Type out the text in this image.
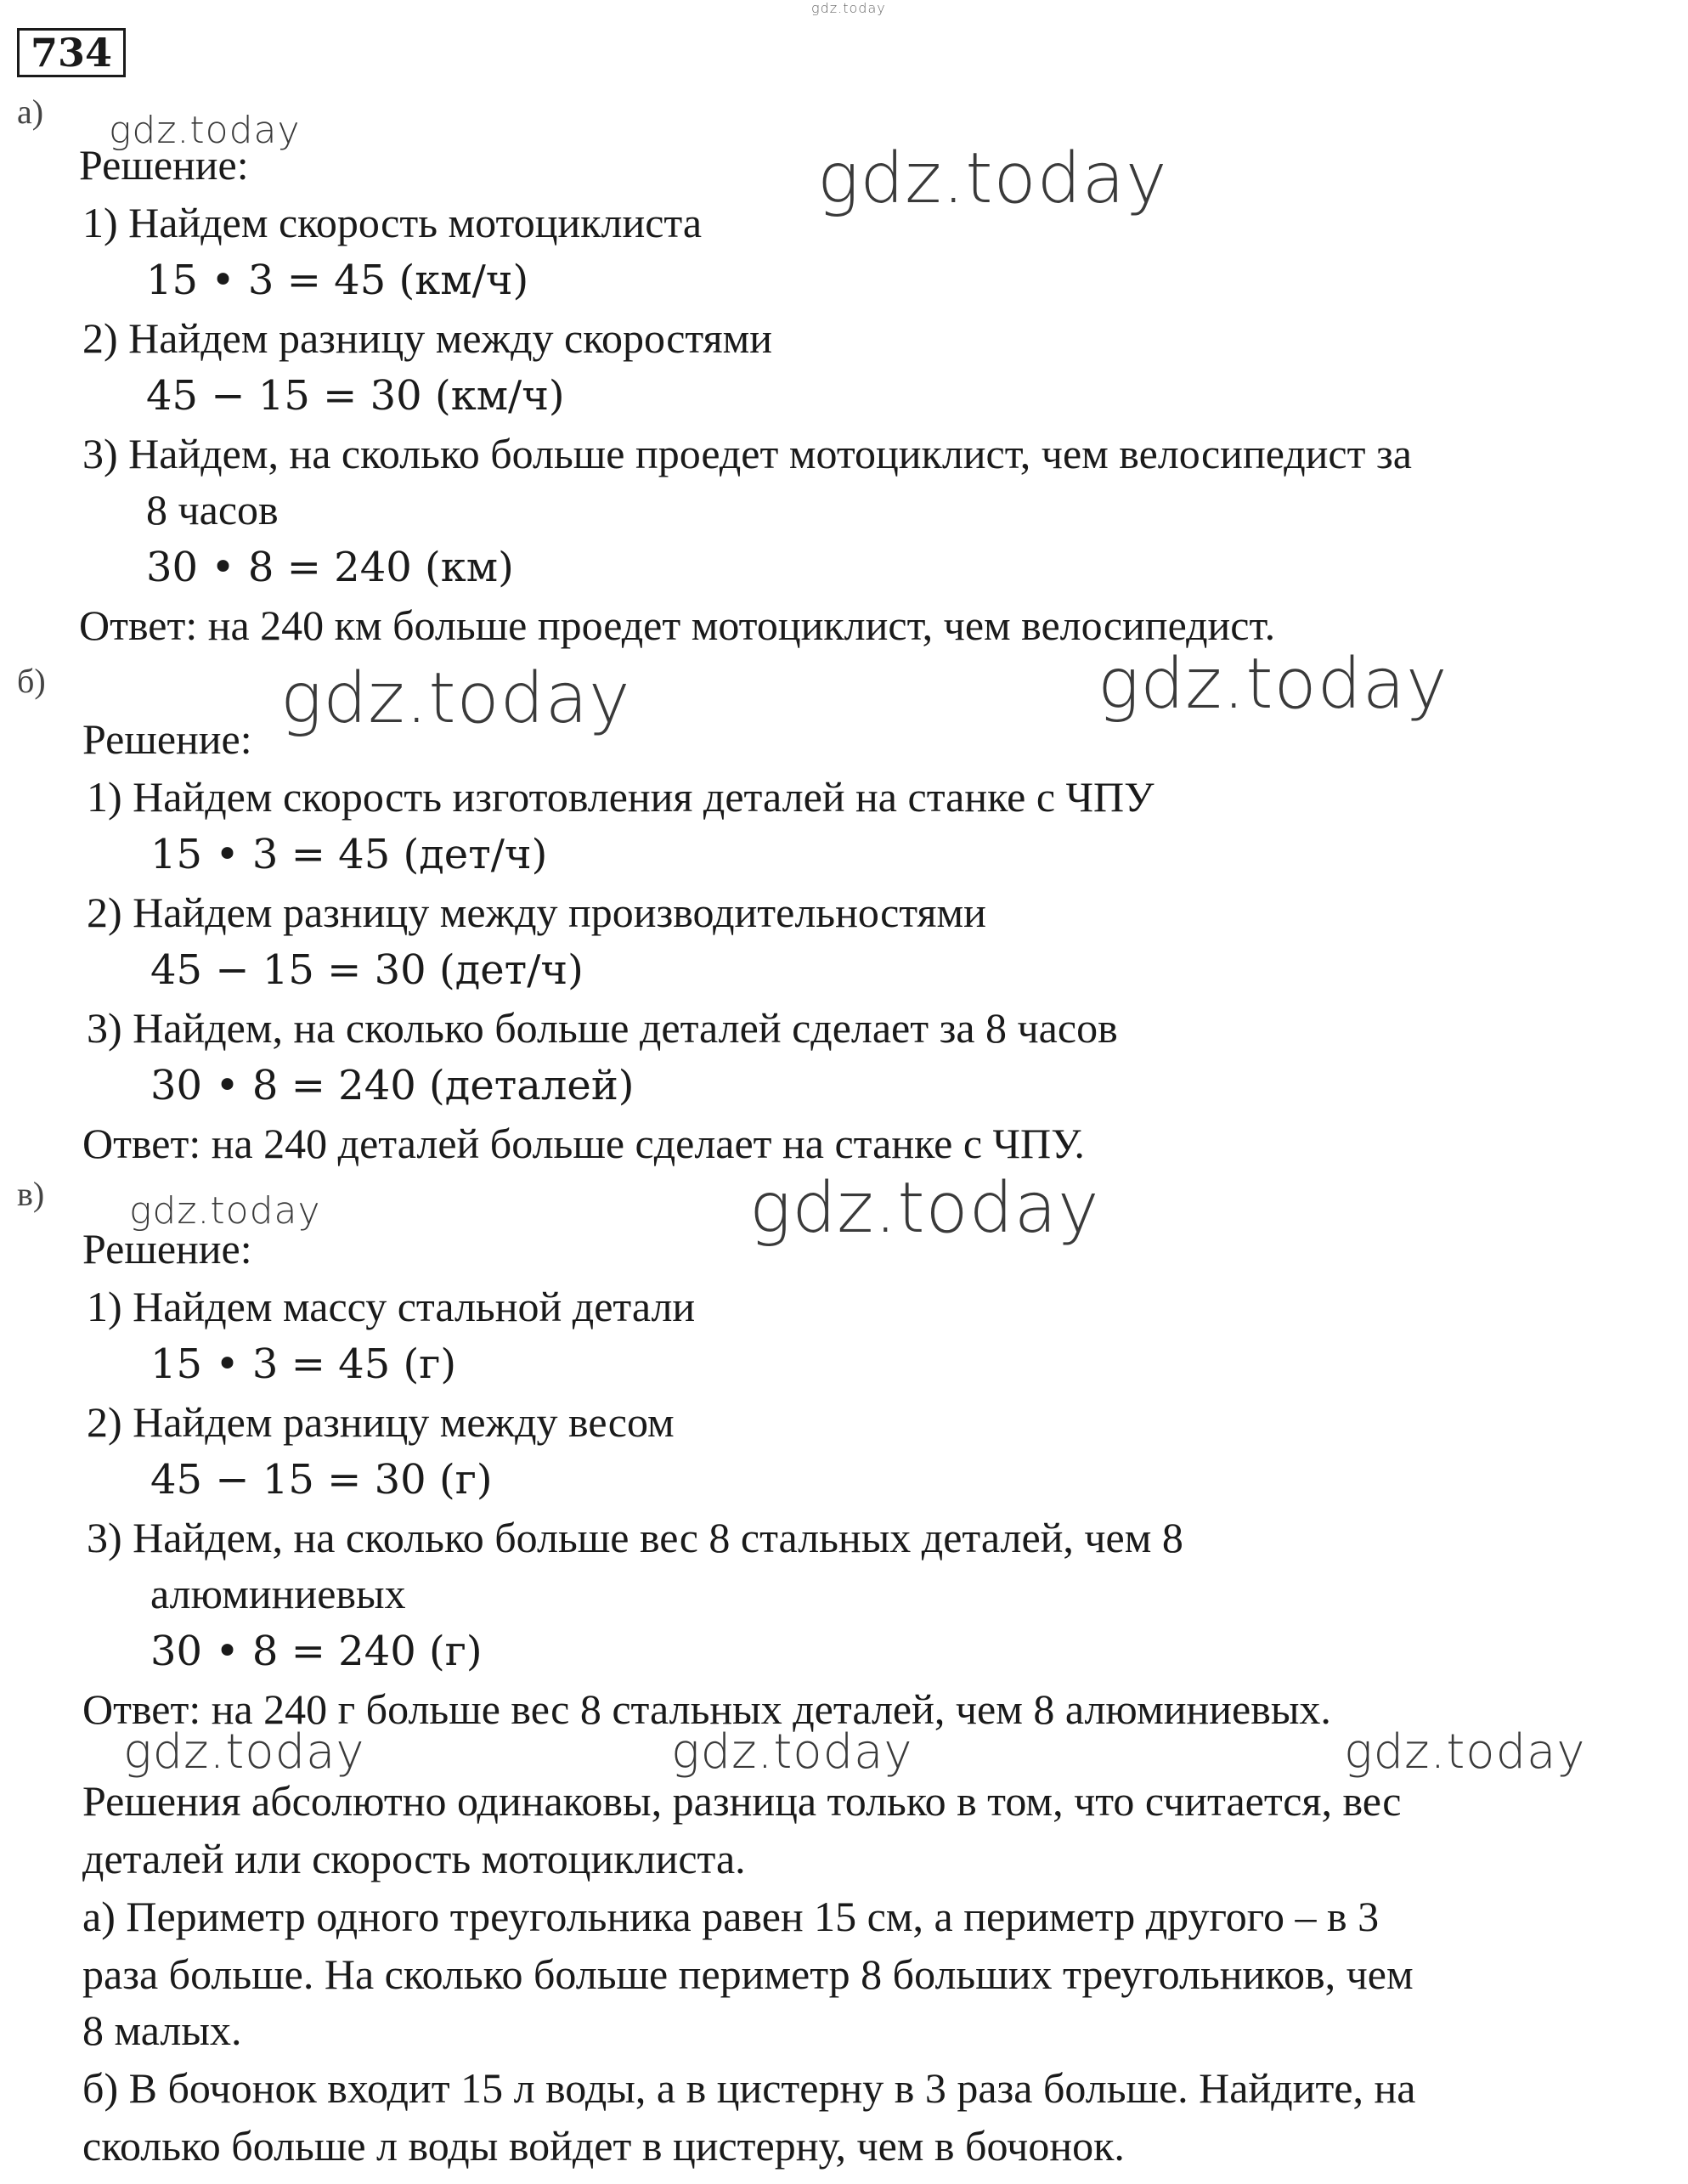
gdz.today
734
а) gdz.today
gdz.today
Решение:
1) Найдем скорость мотоциклиста
15 • 3 = 45 (км/ч)
2) Найдем разницу между скоростями
45 − 15 = 30 (км/ч)
3) Найдем, на сколько больше проедет мотоциклист, чем велосипедист за
8 часов
30 • 8 = 240 (км)
Ответ: на 240 км больше проедет мотоциклист, чем велосипедист.
б)	gdz.today	gdz.today
Решение:
1) Найдем скорость изготовления деталей на станке с ЧПУ
15 • 3 = 45 (дет/ч)
2) Найдем разницу между производительностями
45 − 15 = 30 (дет/ч)
3) Найдем, на сколько больше деталей сделает за 8 часов
30 • 8 = 240 (деталей)
Ответ: на 240 деталей больше сделает на станке с ЧПУ.
в) gdz.today	gdz.today
Решение:
1) Найдем массу стальной детали
15 • 3 = 45 (г)
2) Найдем разницу между весом
45 − 15 = 30 (г)
3) Найдем, на сколько больше вес 8 стальных деталей, чем 8
алюминиевых
30 • 8 = 240 (г)
Ответ: на 240 г больше вес 8 стальных деталей, чем 8 алюминиевых.
gdz.today	gdz.today	gdz.today
Решения абсолютно одинаковы, разница только в том, что считается, вес
деталей или скорость мотоциклиста.
а) Периметр одного треугольника равен 15 см, а периметр другого – в 3
раза больше. На сколько больше периметр 8 больших треугольников, чем
8 малых.
б) В бочонок входит 15 л воды, а в цистерну в 3 раза больше. Найдите, на
сколько больше л воды войдет в цистерну, чем в бочонок.
